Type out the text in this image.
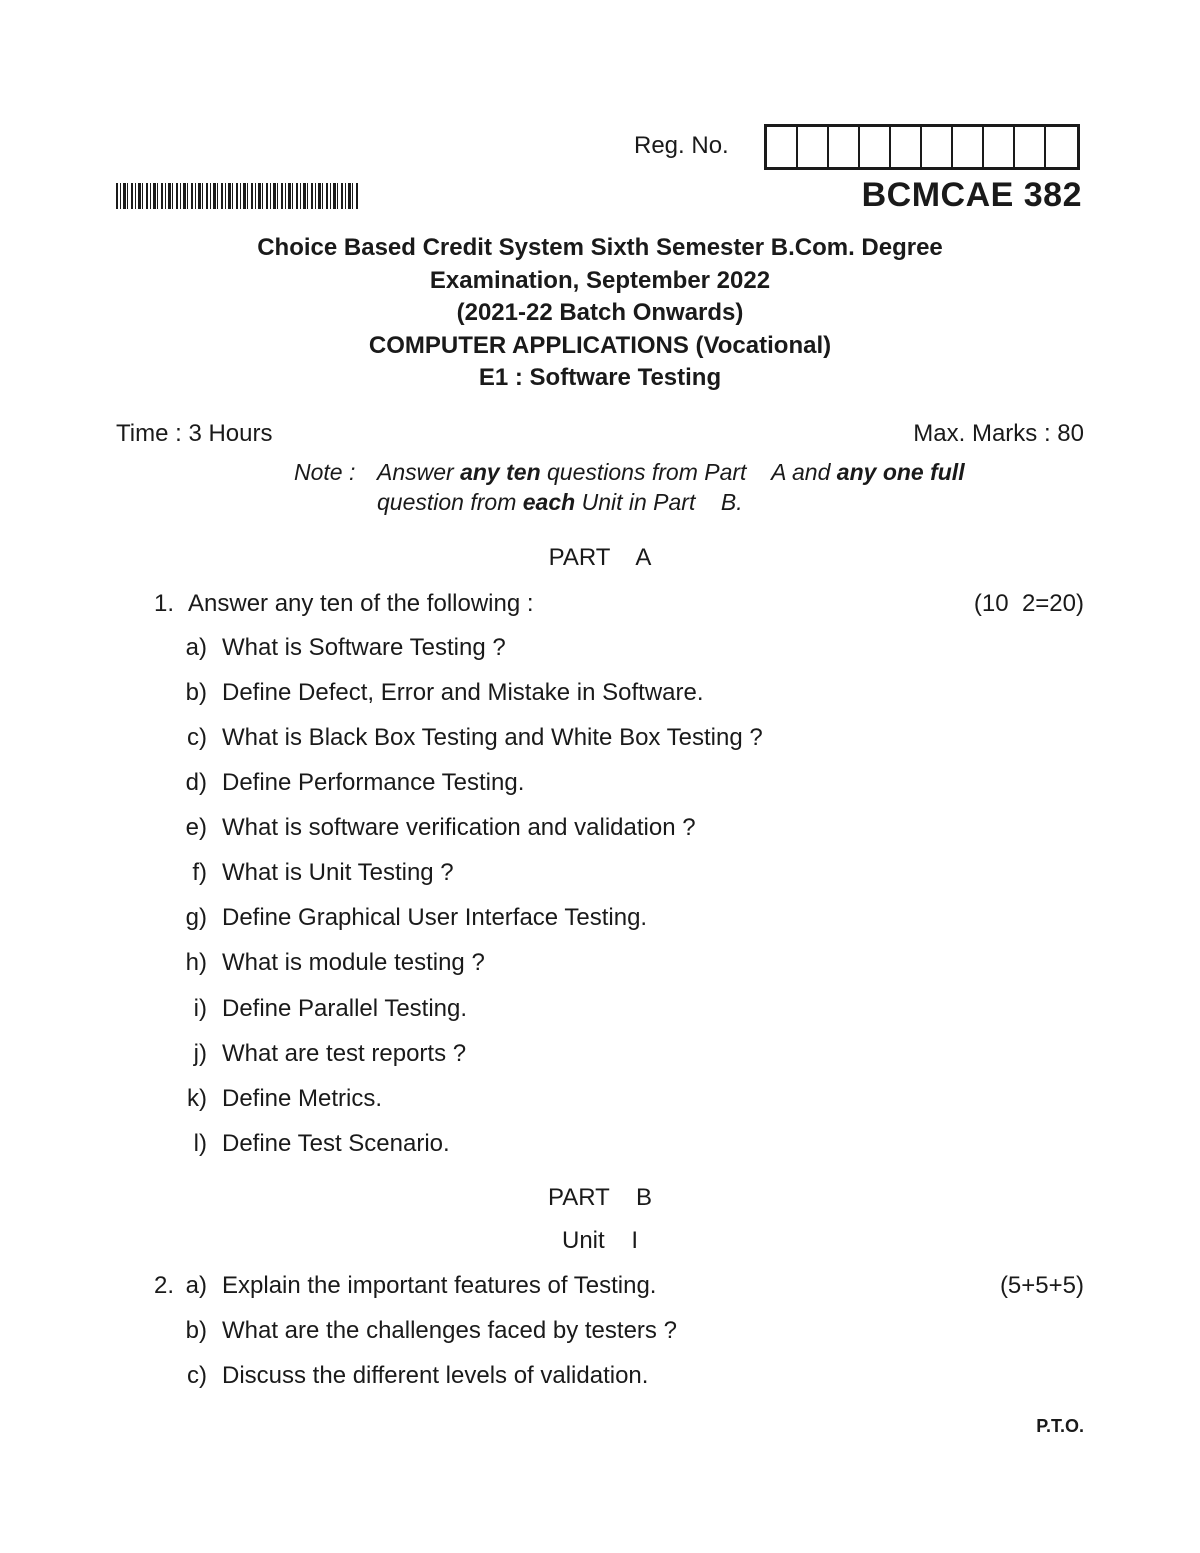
Reg. No.
BCMCAE 382
Choice Based Credit System Sixth Semester B.Com. Degree
Examination, September 2022
(2021-22 Batch Onwards)
COMPUTER APPLICATIONS (Vocational)
E1 : Software Testing
Time : 3 Hours	Max. Marks : 80
Note : Answer any ten questions from Part    A and any one full
question from each Unit in Part    B.
PART    A
1. Answer any ten of the following :	(10  2=20)
a) What is Software Testing ?
b) Define Defect, Error and Mistake in Software.
c) What is Black Box Testing and White Box Testing ?
d) Define Performance Testing.
e) What is software verification and validation ?
f) What is Unit Testing ?
g) Define Graphical User Interface Testing.
h) What is module testing ?
i) Define Parallel Testing.
j) What are test reports ?
k) Define Metrics.
l) Define Test Scenario.
PART    B
Unit    I
2.	(5+5+5)
a) Explain the important features of Testing.
b) What are the challenges faced by testers ?
c) Discuss the different levels of validation.
P.T.O.
